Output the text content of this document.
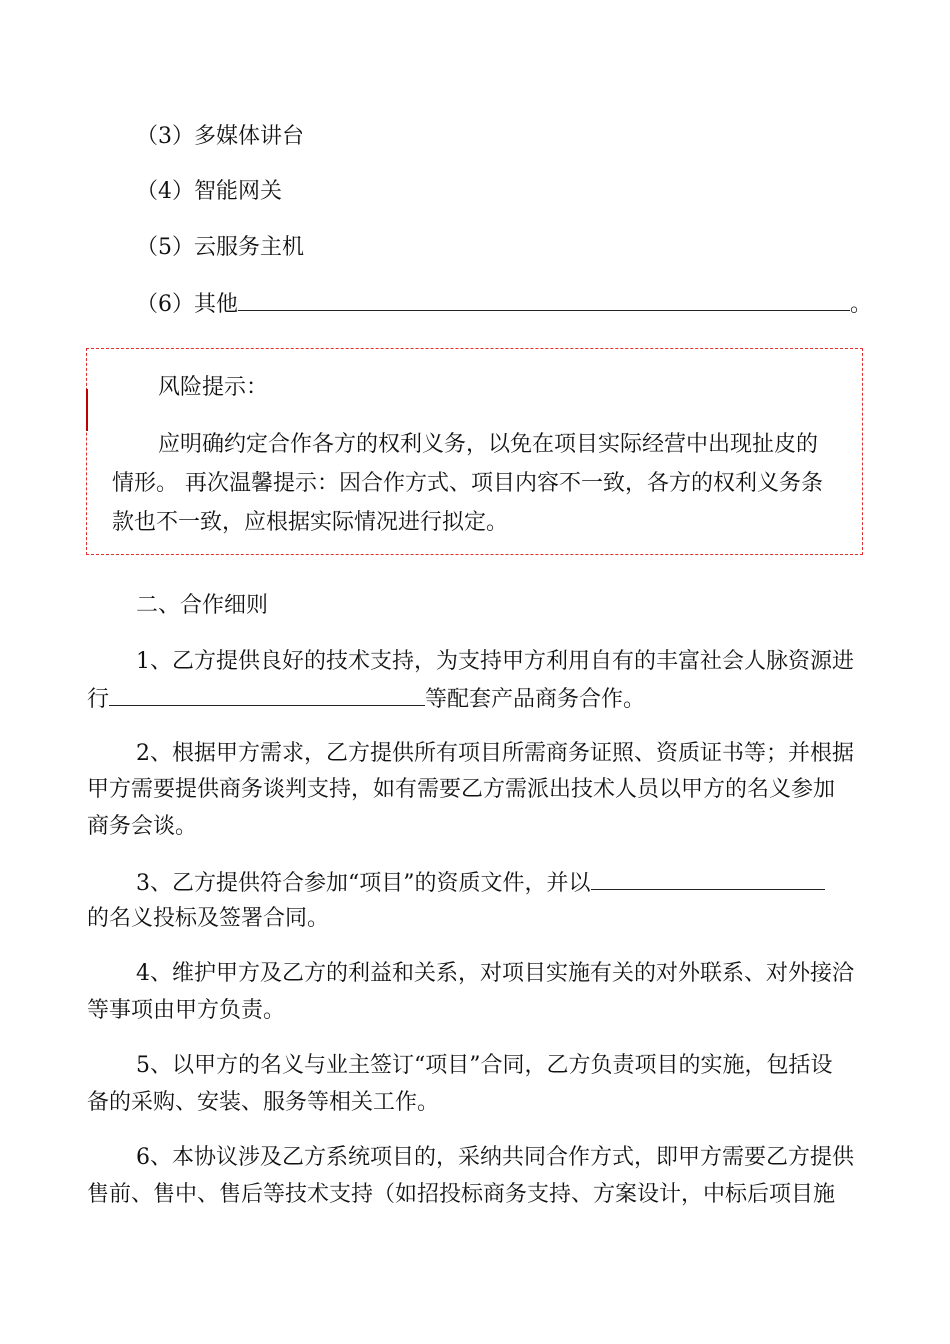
（3）多媒体讲台
（4）智能网关
（5）云服务主机
（6）其他	。
风险提示：
应明确约定合作各方的权利义务，以免在项目实际经营中出现扯皮的
情形。 再次温馨提示：因合作方式、项目内容不一致，各方的权利义务条
款也不一致，应根据实际情况进行拟定。
二、合作细则
1、乙方提供良好的技术支持，为支持甲方利用自有的丰富社会人脉资源进
行	等配套产品商务合作。
2、根据甲方需求，乙方提供所有项目所需商务证照、资质证书等；并根据
甲方需要提供商务谈判支持，如有需要乙方需派出技术人员以甲方的名义参加
商务会谈。
3、乙方提供符合参加“项目”的资质文件，并以
的名义投标及签署合同。
4、维护甲方及乙方的利益和关系，对项目实施有关的对外联系、对外接洽
等事项由甲方负责。
5、以甲方的名义与业主签订“项目”合同，乙方负责项目的实施，包括设
备的采购、安装、服务等相关工作。
6、本协议涉及乙方系统项目的，采纳共同合作方式，即甲方需要乙方提供
售前、售中、售后等技术支持（如招投标商务支持、方案设计，中标后项目施
